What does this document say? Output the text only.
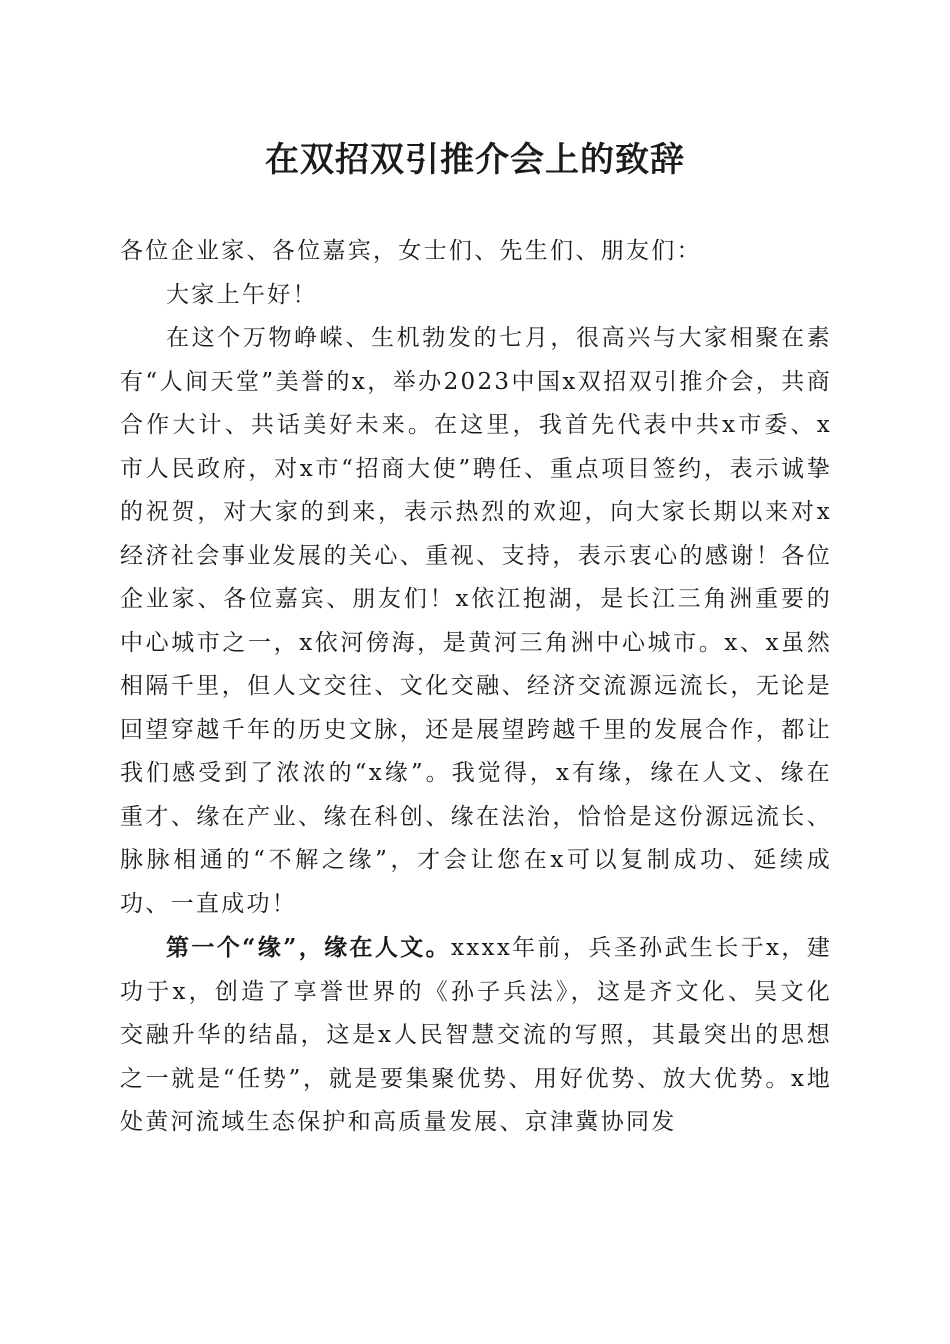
在双招双引推介会上的致辞

各位企业家、各位嘉宾，女士们、先生们、朋友们：

大家上午好！

在这个万物峥嵘、生机勃发的七月，很高兴与大家相聚在素有“人间天堂”美誉的x，举办2023中国x双招双引推介会，共商合作大计、共话美好未来。在这里，我首先代表中共x市委、x市人民政府，对x市“招商大使”聘任、重点项目签约，表示诚挚的祝贺，对大家的到来，表示热烈的欢迎，向大家长期以来对x经济社会事业发展的关心、重视、支持，表示衷心的感谢！各位企业家、各位嘉宾、朋友们！x依江抱湖，是长江三角洲重要的中心城市之一，x依河傍海，是黄河三角洲中心城市。x、x虽然相隔千里，但人文交往、文化交融、经济交流源远流长，无论是回望穿越千年的历史文脉，还是展望跨越千里的发展合作，都让我们感受到了浓浓的“x缘”。我觉得，x有缘，缘在人文、缘在重才、缘在产业、缘在科创、缘在法治，恰恰是这份源远流长、脉脉相通的“不解之缘”，才会让您在x可以复制成功、延续成功、一直成功！

第一个“缘”，缘在人文。xxxx年前，兵圣孙武生长于x，建功于x，创造了享誉世界的《孙子兵法》，这是齐文化、吴文化交融升华的结晶，这是x人民智慧交流的写照，其最突出的思想之一就是“任势”，就是要集聚优势、用好优势、放大优势。x地处黄河流域生态保护和高质量发展、京津冀协同发
